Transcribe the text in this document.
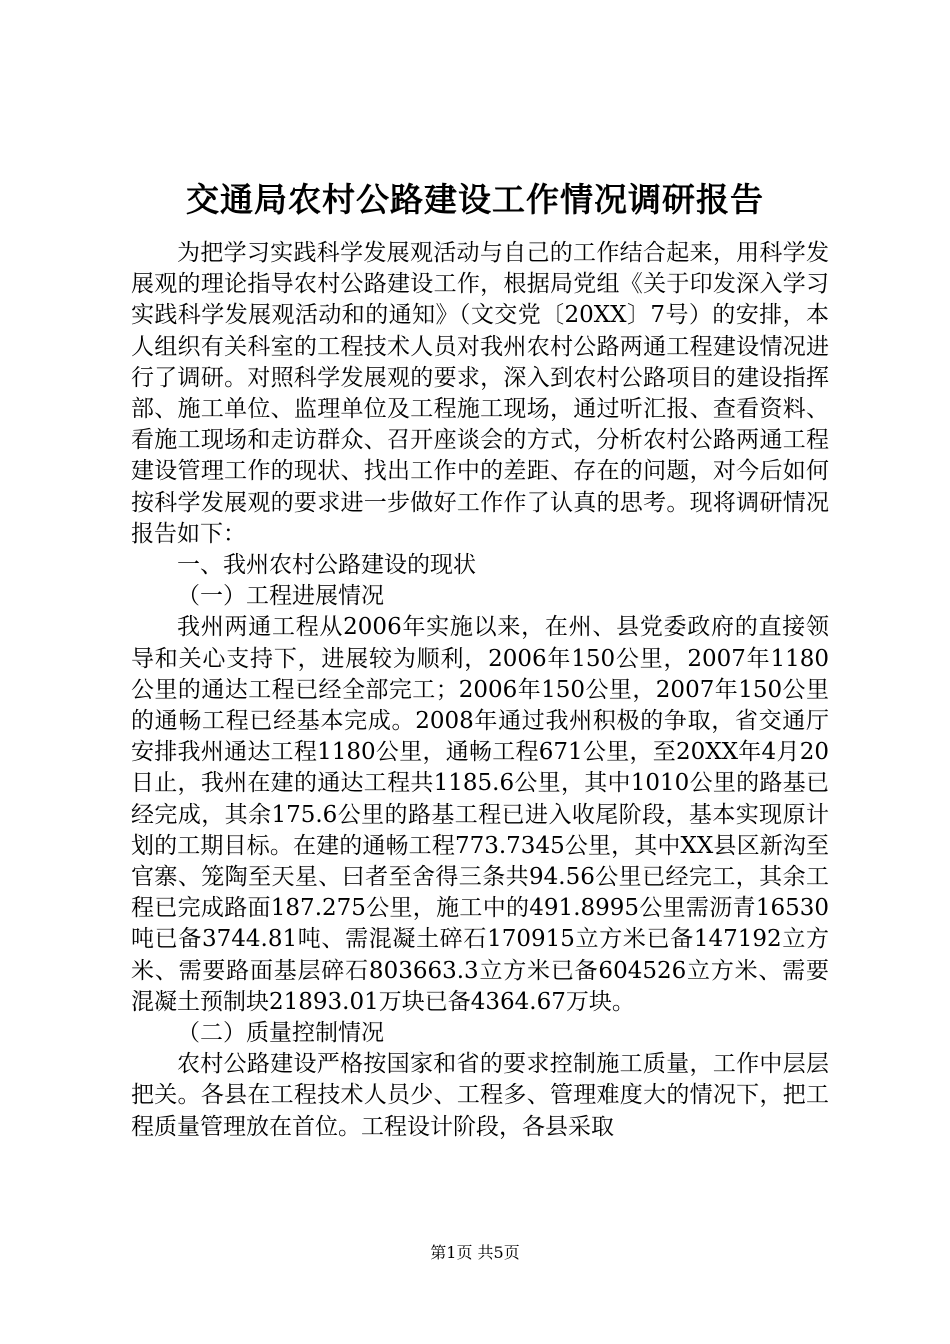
交通局农村公路建设工作情况调研报告

为把学习实践科学发展观活动与自己的工作结合起来，用科学发展观的理论指导农村公路建设工作，根据局党组《关于印发深入学习实践科学发展观活动和的通知》（文交党〔20XX〕7号）的安排，本人组织有关科室的工程技术人员对我州农村公路两通工程建设情况进行了调研。对照科学发展观的要求，深入到农村公路项目的建设指挥部、施工单位、监理单位及工程施工现场，通过听汇报、查看资料、看施工现场和走访群众、召开座谈会的方式，分析农村公路两通工程建设管理工作的现状、找出工作中的差距、存在的问题，对今后如何按科学发展观的要求进一步做好工作作了认真的思考。现将调研情况报告如下：

一、我州农村公路建设的现状

（一）工程进展情况

我州两通工程从2006年实施以来，在州、县党委政府的直接领导和关心支持下，进展较为顺利，2006年150公里，2007年1180公里的通达工程已经全部完工；2006年150公里，2007年150公里的通畅工程已经基本完成。2008年通过我州积极的争取，省交通厅安排我州通达工程1180公里，通畅工程671公里，至20XX年4月20日止，我州在建的通达工程共1185.6公里，其中1010公里的路基已经完成，其余175.6公里的路基工程已进入收尾阶段，基本实现原计划的工期目标。在建的通畅工程773.7345公里，其中XX县区新沟至官寨、笼陶至天星、曰者至舍得三条共94.56公里已经完工，其余工程已完成路面187.275公里，施工中的491.8995公里需沥青16530吨已备3744.81吨、需混凝土碎石170915立方米已备147192立方米、需要路面基层碎石803663.3立方米已备604526立方米、需要混凝土预制块21893.01万块已备4364.67万块。

（二）质量控制情况

农村公路建设严格按国家和省的要求控制施工质量，工作中层层把关。各县在工程技术人员少、工程多、管理难度大的情况下，把工程质量管理放在首位。工程设计阶段，各县采取

第1页 共5页
